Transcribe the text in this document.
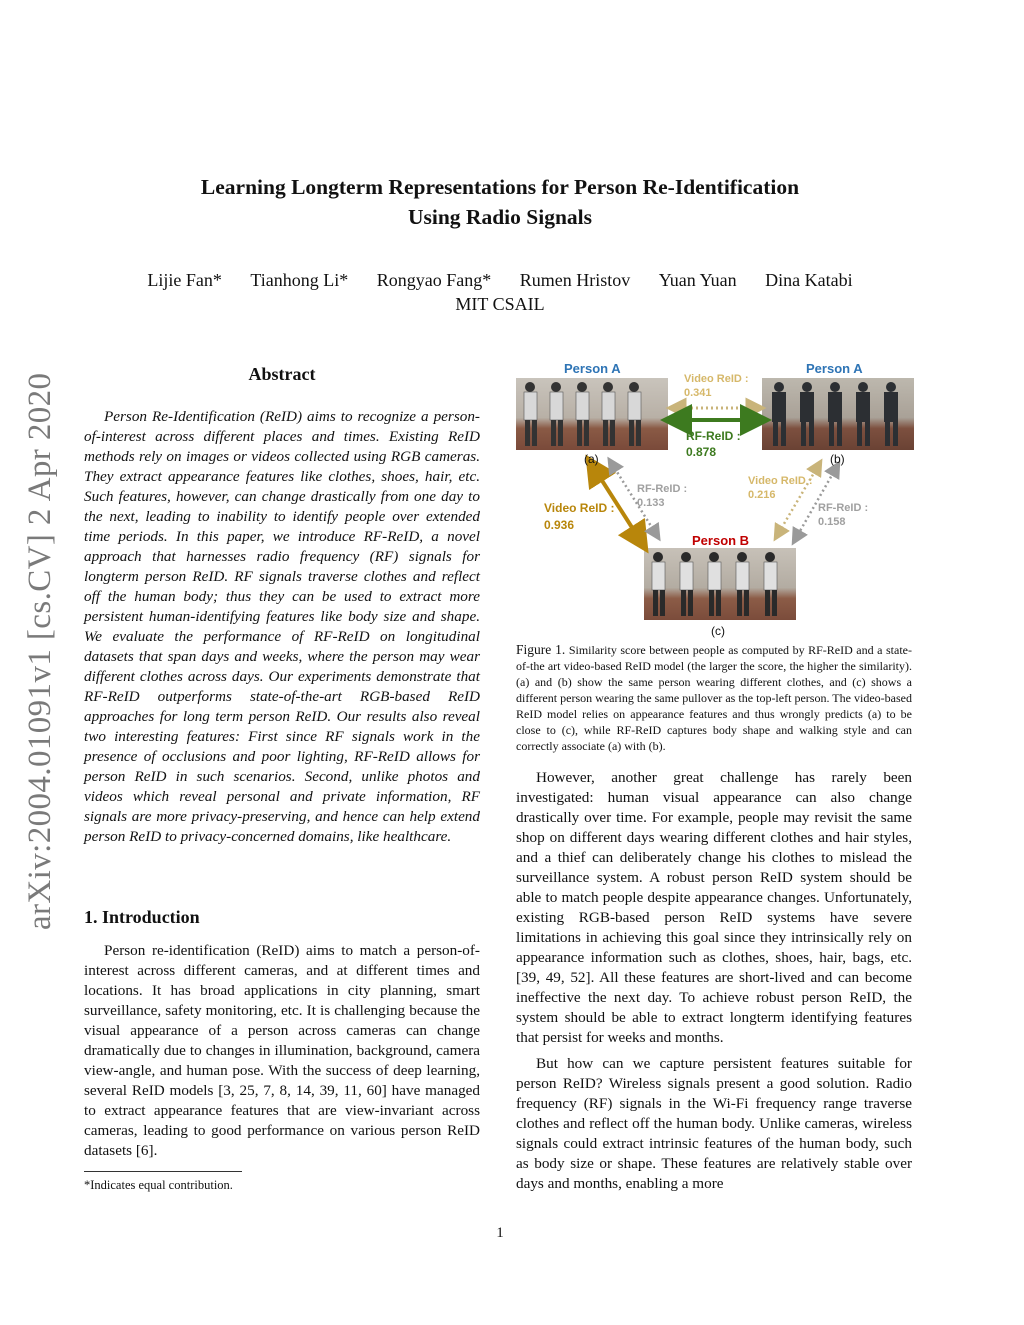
arXiv:2004.01091v1 [cs.CV] 2 Apr 2020
Learning Longterm Representations for Person Re-Identification
Using Radio Signals
Lijie Fan* Tianhong Li* Rongyao Fang* Rumen Hristov Yuan Yuan Dina Katabi
MIT CSAIL
Abstract
Person Re-Identification (ReID) aims to recognize a person-of-interest across different places and times. Existing ReID methods rely on images or videos collected using RGB cameras. They extract appearance features like clothes, shoes, hair, etc. Such features, however, can change drastically from one day to the next, leading to inability to identify people over extended time periods. In this paper, we introduce RF-ReID, a novel approach that harnesses radio frequency (RF) signals for longterm person ReID. RF signals traverse clothes and reflect off the human body; thus they can be used to extract more persistent human-identifying features like body size and shape. We evaluate the performance of RF-ReID on longitudinal datasets that span days and weeks, where the person may wear different clothes across days. Our experiments demonstrate that RF-ReID outperforms state-of-the-art RGB-based ReID approaches for long term person ReID. Our results also reveal two interesting features: First since RF signals work in the presence of occlusions and poor lighting, RF-ReID allows for person ReID in such scenarios. Second, unlike photos and videos which reveal personal and private information, RF signals are more privacy-preserving, and hence can help extend person ReID to privacy-concerned domains, like healthcare.
1. Introduction
Person re-identification (ReID) aims to match a person-of-interest across different cameras, and at different times and locations. It has broad applications in city planning, smart surveillance, safety monitoring, etc. It is challenging because the visual appearance of a person across cameras can change dramatically due to changes in illumination, background, camera view-angle, and human pose. With the success of deep learning, several ReID models [3, 25, 7, 8, 14, 39, 11, 60] have managed to extract appearance features that are view-invariant across cameras, leading to good performance on various person ReID datasets [6].
*Indicates equal contribution.
Person A	Person A
Person B
(a)	(b)
(c)
Video ReID :
0.341
RF-ReID :
0.878
Video ReID :
0.936
RF-ReID :
0.133
Video ReID :
0.216
RF-ReID :
0.158
Figure 1. Similarity score between people as computed by RF-ReID and a state-of-the art video-based ReID model (the larger the score, the higher the similarity). (a) and (b) show the same person wearing different clothes, and (c) shows a different person wearing the same pullover as the top-left person. The video-based ReID model relies on appearance features and thus wrongly predicts (a) to be close to (c), while RF-ReID captures body shape and walking style and can correctly associate (a) with (b).
However, another great challenge has rarely been investigated: human visual appearance can also change drastically over time. For example, people may revisit the same shop on different days wearing different clothes and hair styles, and a thief can deliberately change his clothes to mislead the surveillance system. A robust person ReID system should be able to match people despite appearance changes. Unfortunately, existing RGB-based person ReID systems have severe limitations in achieving this goal since they intrinsically rely on appearance information such as clothes, shoes, hair, bags, etc. [39, 49, 52]. All these features are short-lived and can become ineffective the next day. To achieve robust person ReID, the system should be able to extract longterm identifying features that persist for weeks and months.
But how can we capture persistent features suitable for person ReID? Wireless signals present a good solution. Radio frequency (RF) signals in the Wi-Fi frequency range traverse clothes and reflect off the human body. Unlike cameras, wireless signals could extract intrinsic features of the human body, such as body size or shape. These features are relatively stable over days and months, enabling a more
1
